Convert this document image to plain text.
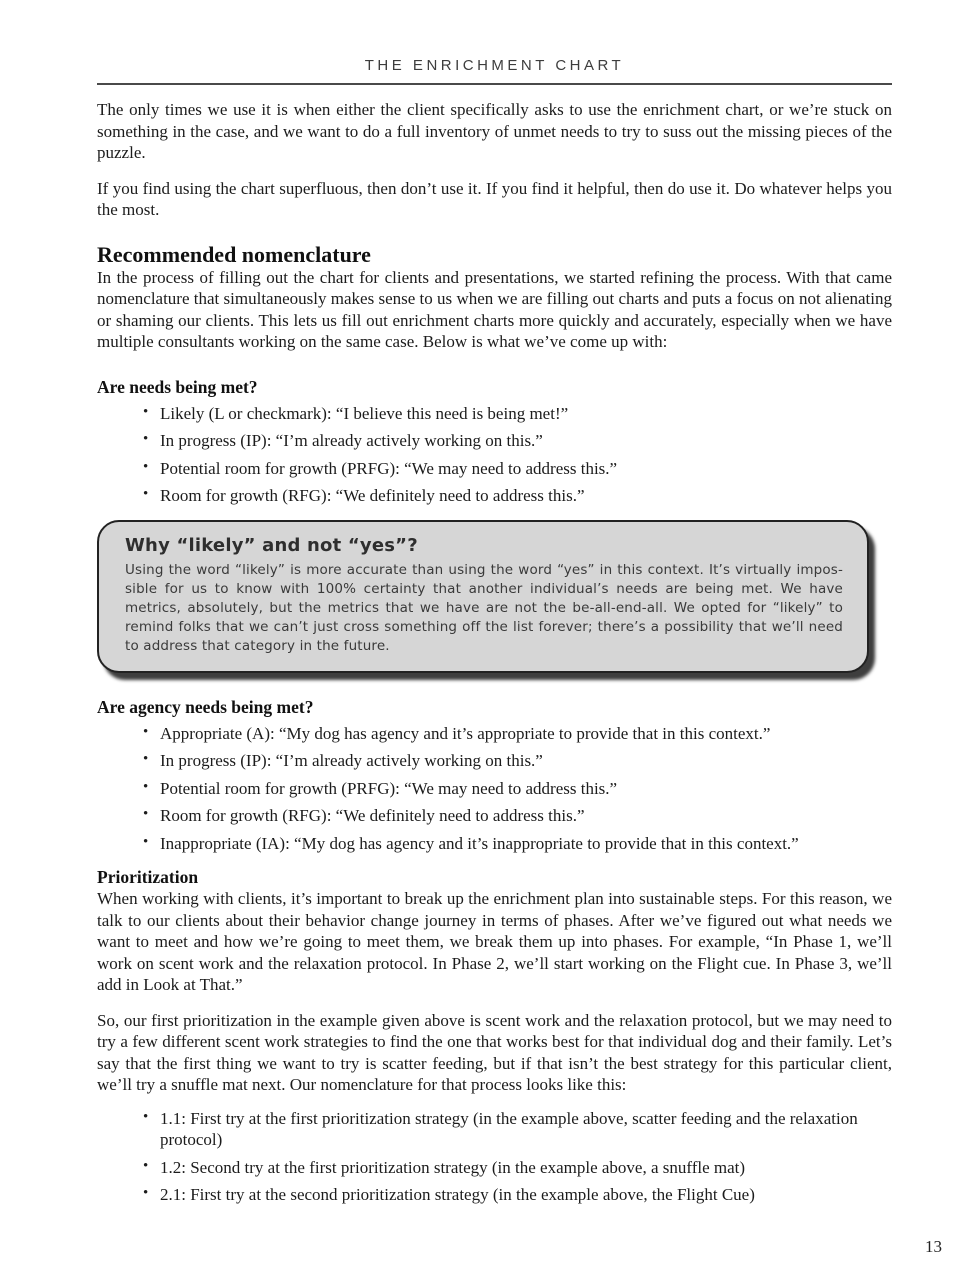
THE ENRICHMENT CHART

The only times we use it is when either the client specifically asks to use the enrichment chart, or we’re stuck on something in the case, and we want to do a full inventory of unmet needs to try to suss out the missing pieces of the puzzle.

If you find using the chart superfluous, then don’t use it. If you find it helpful, then do use it. Do whatever helps you the most.

Recommended nomenclature

In the process of filling out the chart for clients and presentations, we started refining the process. With that came nomenclature that simultaneously makes sense to us when we are filling out charts and puts a focus on not alienating or shaming our clients. This lets us fill out enrichment charts more quickly and accurately, especially when we have multiple consultants working on the same case. Below is what we’ve come up with:

Are needs being met?
• Likely (L or checkmark): “I believe this need is being met!”
• In progress (IP): “I’m already actively working on this.”
• Potential room for growth (PRFG): “We may need to address this.”
• Room for growth (RFG): “We definitely need to address this.”
Why “likely” and not “yes”?
Using the word “likely” is more accurate than using the word “yes” in this context. It’s virtually impos-
sible for us to know with 100% certainty that another individual’s needs are being met. We have
metrics, absolutely, but the metrics that we have are not the be-all-end-all. We opted for “likely” to
remind folks that we can’t just cross something off the list forever; there’s a possibility that we’ll need
to address that category in the future.
Are agency needs being met?
• Appropriate (A): “My dog has agency and it’s appropriate to provide that in this context.”
• In progress (IP): “I’m already actively working on this.”
• Potential room for growth (PRFG): “We may need to address this.”
• Room for growth (RFG): “We definitely need to address this.”
• Inappropriate (IA): “My dog has agency and it’s inappropriate to provide that in this context.”
Prioritization

When working with clients, it’s important to break up the enrichment plan into sustainable steps. For this reason, we talk to our clients about their behavior change journey in terms of phases. After we’ve figured out what needs we want to meet and how we’re going to meet them, we break them up into phases. For example, “In Phase 1, we’ll work on scent work and the relaxation protocol. In Phase 2, we’ll start working on the Flight cue. In Phase 3, we’ll add in Look at That.”

So, our first prioritization in the example given above is scent work and the relaxation protocol, but we may need to try a few different scent work strategies to find the one that works best for that individual dog and their family. Let’s say that the first thing we want to try is scatter feeding, but if that isn’t the best strategy for this particular client, we’ll try a snuffle mat next. Our nomenclature for that process looks like this:

• 1.1: First try at the first prioritization strategy (in the example above, scatter feeding and the relaxation protocol)
• 1.2: Second try at the first prioritization strategy (in the example above, a snuffle mat)
• 2.1: First try at the second prioritization strategy (in the example above, the Flight Cue)
13
